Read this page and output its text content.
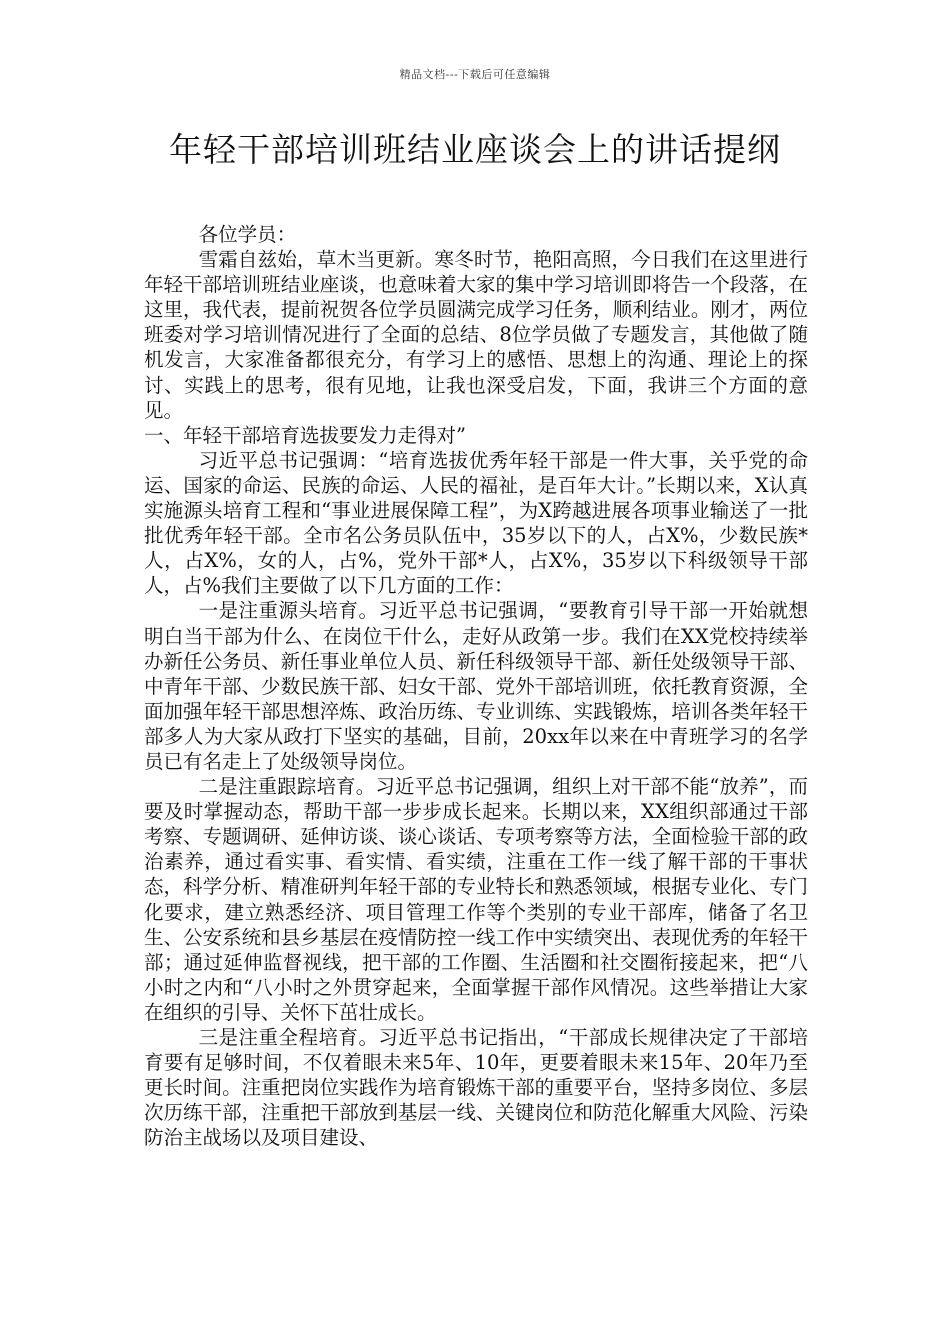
精品文档---下载后可任意编辑
年轻干部培训班结业座谈会上的讲话提纲

各位学员：

雪霜自兹始，草木当更新。寒冬时节，艳阳高照，今日我们在这里进行年轻干部培训班结业座谈，也意味着大家的集中学习培训即将告一个段落，在这里，我代表，提前祝贺各位学员圆满完成学习任务，顺利结业。刚才，两位班委对学习培训情况进行了全面的总结、8位学员做了专题发言，其他做了随机发言，大家准备都很充分，有学习上的感悟、思想上的沟通、理论上的探讨、实践上的思考，很有见地，让我也深受启发，下面，我讲三个方面的意见。

一、年轻干部培育选拔要发力走得对”

习近平总书记强调：“培育选拔优秀年轻干部是一件大事，关乎党的命运、国家的命运、民族的命运、人民的福祉，是百年大计。”长期以来，X认真实施源头培育工程和“事业进展保障工程”，为X跨越进展各项事业输送了一批批优秀年轻干部。全市名公务员队伍中，35岁以下的人，占X%，少数民族*人，占X%，女的人，占%，党外干部*人，占X%，35岁以下科级领导干部人，占%我们主要做了以下几方面的工作：

一是注重源头培育。习近平总书记强调，“要教育引导干部一开始就想明白当干部为什么、在岗位干什么，走好从政第一步。我们在XX党校持续举办新任公务员、新任事业单位人员、新任科级领导干部、新任处级领导干部、中青年干部、少数民族干部、妇女干部、党外干部培训班，依托教育资源，全面加强年轻干部思想淬炼、政治历练、专业训练、实践锻炼，培训各类年轻干部多人为大家从政打下坚实的基础，目前，20xx年以来在中青班学习的名学员已有名走上了处级领导岗位。

二是注重跟踪培育。习近平总书记强调，组织上对干部不能“放养”，而要及时掌握动态，帮助干部一步步成长起来。长期以来，XX组织部通过干部考察、专题调研、延伸访谈、谈心谈话、专项考察等方法，全面检验干部的政治素养，通过看实事、看实情、看实绩，注重在工作一线了解干部的干事状态，科学分析、精准研判年轻干部的专业特长和熟悉领域，根据专业化、专门化要求，建立熟悉经济、项目管理工作等个类别的专业干部库，储备了名卫生、公安系统和县乡基层在疫情防控一线工作中实绩突出、表现优秀的年轻干部；通过延伸监督视线，把干部的工作圈、生活圈和社交圈衔接起来，把“八小时之内和“八小时之外贯穿起来，全面掌握干部作风情况。这些举措让大家在组织的引导、关怀下茁壮成长。

三是注重全程培育。习近平总书记指出，“干部成长规律决定了干部培育要有足够时间，不仅着眼未来5年、10年，更要着眼未来15年、20年乃至更长时间。注重把岗位实践作为培育锻炼干部的重要平台，坚持多岗位、多层次历练干部，注重把干部放到基层一线、关键岗位和防范化解重大风险、污染防治主战场以及项目建设、
